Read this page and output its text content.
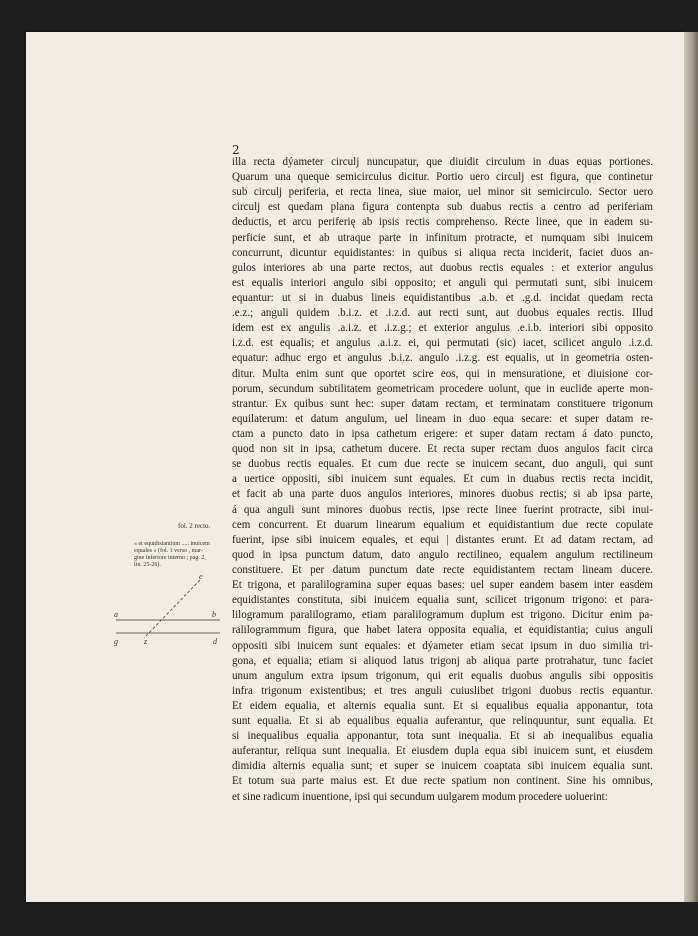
2
illa recta dýameter circulj nuncupatur, que diuidit circulum in duas equas portiones.
Quarum una queque semicirculus dicitur. Portio uero circulj est figura, que continetur
sub circulj periferia, et recta linea, siue maior, uel minor sit semicirculo. Sector uero
circulj est quedam plana figura contenpta sub duabus rectis a centro ad periferiam
deductis, et arcu periferię ab ipsis rectis comprehenso. Recte linee, que in eadem su-
perficie sunt, et ab utraque parte in infinitum protracte, et numquam sibi inuicem
concurrunt, dicuntur equidistantes: in quibus si aliqua recta inciderit, faciet duos an-
gulos interiores ab una parte rectos, aut duobus rectis equales : et exterior angulus
est equalis interiori angulo sibi opposito; et anguli qui permutati sunt, sibi inuicem
equantur: ut si in duabus lineis equidistantibus .a.b. et .g.d. incidat quedam recta
.e.z.; anguli quidem .b.i.z. et .i.z.d. aut recti sunt, aut duobus equales rectis. Illud
idem est ex angulis .a.i.z. et .i.z.g.; et exterior angulus .e.i.b. interiori sibi opposito
i.z.d. est equalis; et angulus .a.i.z. ei, qui permutati (sic) iacet, scilicet angulo .i.z.d.
equatur: adhuc ergo et angulus .b.i.z. angulo .i.z.g. est equalis, ut in geometria osten-
ditur. Multa enim sunt que oportet scire eos, qui in mensuratione, et diuisione cor-
porum, secundum subtilitatem geometricam procedere uolunt, que in euclide aperte mon-
strantur. Ex quibus sunt hec: super datam rectam, et terminatam constituere trigonum
equilaterum: et datum angulum, uel lineam in duo equa secare: et super datam re-
ctam a puncto dato in ipsa cathetum erigere: et super datam rectam á dato puncto,
quod non sit in ipsa, cathetum ducere. Et recta super rectam duos angulos facit circa
se duobus rectis equales. Et cum due recte se inuicem secant, duo anguli, qui sunt
a uertice oppositi, sibi inuicem sunt equales. Et cum in duabus rectis recta incidit,
et facit ab una parte duos angulos interiores, minores duobus rectis; si ab ipsa parte,
á qua anguli sunt minores duobus rectis, ipse recte linee fuerint protracte, sibi inui-
cem concurrent. Et duarum linearum equalium et equidistantium due recte copulate
fuerint, ipse sibi inuicem equales, et equi | distantes erunt. Et ad datam rectam, ad
quod in ipsa punctum datum, dato angulo rectilineo, equalem angulum rectilineum
constituere. Et per datum punctum date recte equidistantem rectam lineam ducere.
Et trigona, et paralilogramina super equas bases: uel super eandem basem inter easdem
equidistantes constituta, sibi inuicem equalia sunt, scilicet trigonum trigono: et para-
lilogramum paralilogramo, etiam paralilogramum duplum est trigono. Dicitur enim pa-
ralilogrammum figura, que habet latera opposita equalia, et equidistantia; cuius anguli
oppositi sibi inuicem sunt equales: et dýameter etiam secat ipsum in duo similia tri-
gona, et equalia; etiam si aliquod latus trigonj ab aliqua parte protrahatur, tunc faciet
unum angulum extra ipsum trigonum, qui erit equalis duobus angulis sibi oppositis
infra trigonum existentibus; et tres anguli cuiuslibet trigoni duobus rectis equantur.
Et eidem equalia, et alternis equalia sunt. Et si equalibus equalia apponantur, tota
sunt equalia. Et si ab equalibus equalia auferantur, que relinquuntur, sunt equalia. Et
si inequalibus equalia apponantur, tota sunt inequalia. Et si ab inequalibus equalia
auferantur, reliqua sunt inequalia. Et eiusdem dupla equa sibi inuicem sunt, et eiusdem
dimidia alternis equalia sunt; et super se inuicem coaptata sibi inuicem equalia sunt.
Et totum sua parte maius est. Et due recte spatium non continent. Sine his omnibus,
et sine radicum inuentione, ipsi qui secundum uulgarem modum procedere uoluerint:
fol. 2 recto.
« et equidistantium ..... inuicem
equales » (fol. 1 verso , mar-
gine inferiore interno ; pag. 2,
lin. 25-26).
e
a	b
g	z	d
